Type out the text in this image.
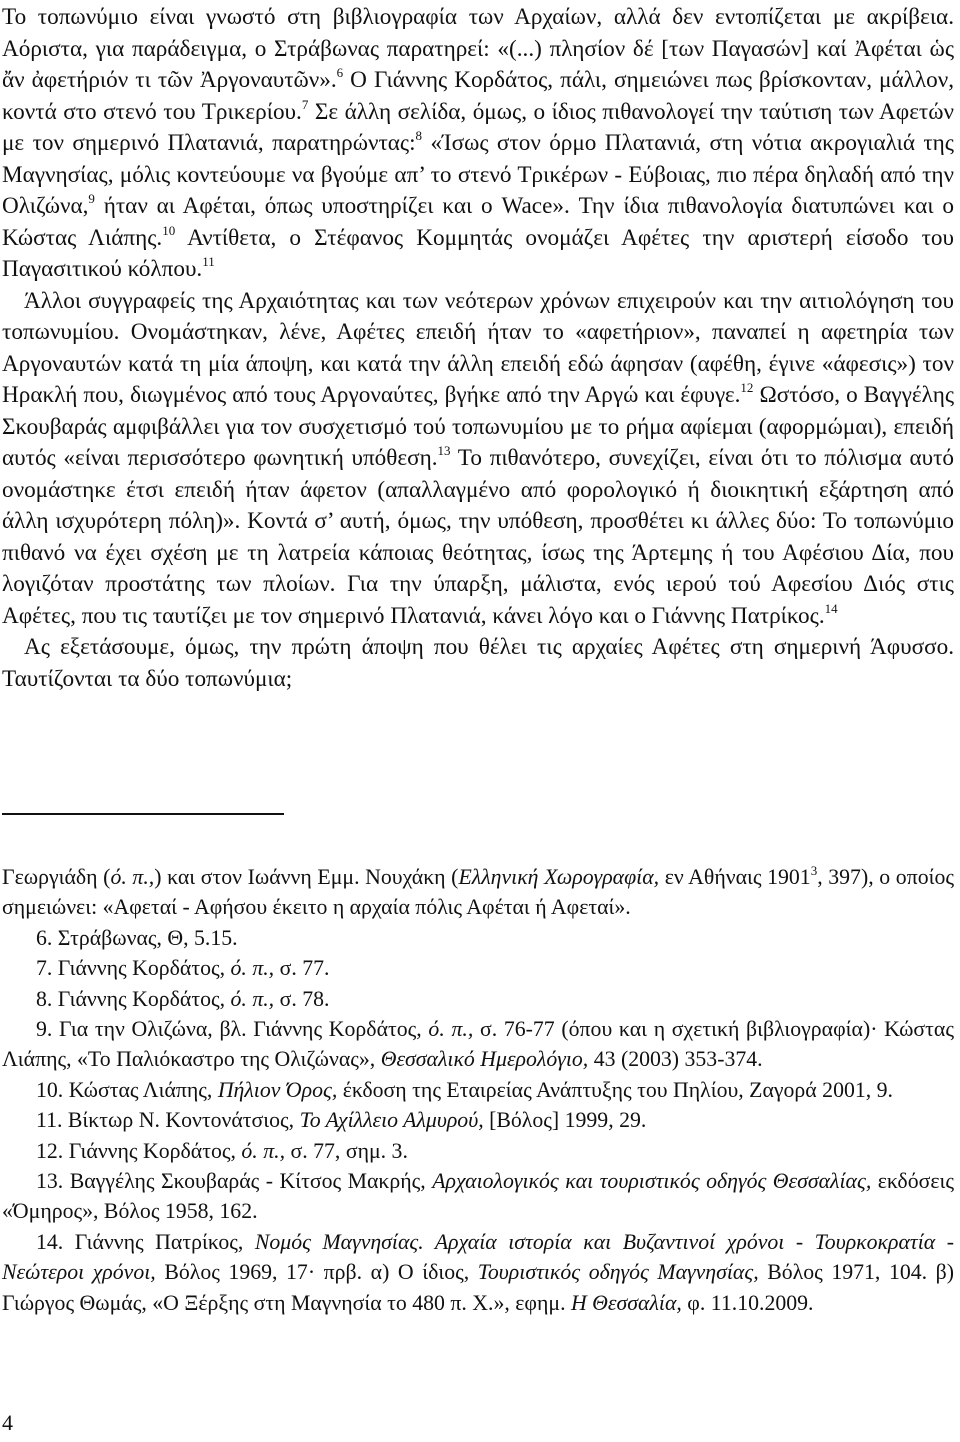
Το τοπωνύμιο είναι γνωστό στη βιβλιογραφία των Αρχαίων, αλλά δεν εντοπίζεται με ακρίβεια. Αόριστα, για παράδειγμα, ο Στράβωνας παρατηρεί: «(...) πλησίον δέ [των Παγασών] καί Ἀφέται ὡς ἄν ἀφετήριόν τι τῶν Ἀργοναυτῶν».$^6$ Ο Γιάννης Κορδάτος, πάλι, σημειώνει πως βρίσκονταν, μάλλον, κοντά στο στενό του Τρικερίου.$^7$ Σε άλλη σελίδα, όμως, ο ίδιος πιθανολογεί την ταύτιση των Αφετών με τον σημερινό Πλατανιά, παρατηρώντας:$^8$ «Ίσως στον όρμο Πλατανιά, στη νότια ακρογιαλιά της Μαγνησίας, μόλις κοντεύουμε να βγούμε απ’ το στενό Τρικέρων - Εύβοιας, πιο πέρα δηλαδή από την Ολιζώνα,$^9$ ήταν αι Αφέται, όπως υποστηρίζει και ο Wace». Την ίδια πιθανολογία διατυπώνει και ο Κώστας Λιάπης.$^{10}$ Αντίθετα, ο Στέφανος Κομμητάς ονομάζει Αφέτες την αριστερή είσοδο του Παγασιτικού κόλπου.$^{11}$

Άλλοι συγγραφείς της Αρχαιότητας και των νεότερων χρόνων επιχειρούν και την αιτιολόγηση του τοπωνυμίου. Ονομάστηκαν, λένε, Αφέτες επειδή ήταν το «αφετήριον», παναπεί η αφετηρία των Αργοναυτών κατά τη μία άποψη, και κατά την άλλη επειδή εδώ άφησαν (αφέθη, έγινε «άφεσις») τον Ηρακλή που, διωγμένος από τους Αργοναύτες, βγήκε από την Αργώ και έφυγε.$^{12}$ Ωστόσο, ο Βαγγέλης Σκουβαράς αμφιβάλλει για τον συσχετισμό τού τοπωνυμίου με το ρήμα αφίεμαι (αφορμώμαι), επειδή αυτός «είναι περισσότερο φωνητική υπόθεση.$^{13}$ Το πιθανότερο, συνεχίζει, είναι ότι το πόλισμα αυτό ονομάστηκε έτσι επειδή ήταν άφετον (απαλλαγμένο από φορολογικό ή διοικητική εξάρτηση από άλλη ισχυρότερη πόλη)». Κοντά σ’ αυτή, όμως, την υπόθεση, προσθέτει κι άλλες δύο: Το τοπωνύμιο πιθανό να έχει σχέση με τη λατρεία κάποιας θεότητας, ίσως της Άρτεμης ή του Αφέσιου Δία, που λογιζόταν προστάτης των πλοίων. Για την ύπαρξη, μάλιστα, ενός ιερού τού Αφεσίου Διός στις Αφέτες, που τις ταυτίζει με τον σημερινό Πλατανιά, κάνει λόγο και ο Γιάννης Πατρίκος.$^{14}$

Ας εξετάσουμε, όμως, την πρώτη άποψη που θέλει τις αρχαίες Αφέτες στη σημερινή Άφυσσο. Ταυτίζονται τα δύο τοπωνύμια;

Γεωργιάδη (ό. π.,) και στον Ιωάννη Εμμ. Νουχάκη (Ελληνική Χωρογραφία, εν Αθήναις 1901$^3$, 397), ο οποίος σημειώνει: «Αφεταί - Αφήσου έκειτο η αρχαία πόλις Αφέται ή Αφεταί».

6. Στράβωνας, Θ, 5.15.

7. Γιάννης Κορδάτος, ό. π., σ. 77.

8. Γιάννης Κορδάτος, ό. π., σ. 78.

9. Για την Ολιζώνα, βλ. Γιάννης Κορδάτος, ό. π., σ. 76-77 (όπου και η σχετική βιβλιογραφία)· Κώστας Λιάπης, «Το Παλιόκαστρο της Ολιζώνας», Θεσσαλικό Ημερολόγιο, 43 (2003) 353-374.

10. Κώστας Λιάπης, Πήλιον Όρος, έκδοση της Εταιρείας Ανάπτυξης του Πηλίου, Ζαγορά 2001, 9.

11. Βίκτωρ Ν. Κοντονάτσιος, Το Αχίλλειο Αλμυρού, [Βόλος] 1999, 29.

12. Γιάννης Κορδάτος, ό. π., σ. 77, σημ. 3.

13. Βαγγέλης Σκουβαράς - Κίτσος Μακρής, Αρχαιολογικός και τουριστικός οδηγός Θεσσαλίας, εκδόσεις «Όμηρος», Βόλος 1958, 162.

14. Γιάννης Πατρίκος, Νομός Μαγνησίας. Αρχαία ιστορία και Βυζαντινοί χρόνοι - Τουρκοκρατία - Νεώτεροι χρόνοι, Βόλος 1969, 17· πρβ. α) Ο ίδιος, Τουριστικός οδηγός Μαγνησίας, Βόλος 1971, 104. β) Γιώργος Θωμάς, «Ο Ξέρξης στη Μαγνησία το 480 π. Χ.», εφημ. Η Θεσσαλία, φ. 11.10.2009.

4
